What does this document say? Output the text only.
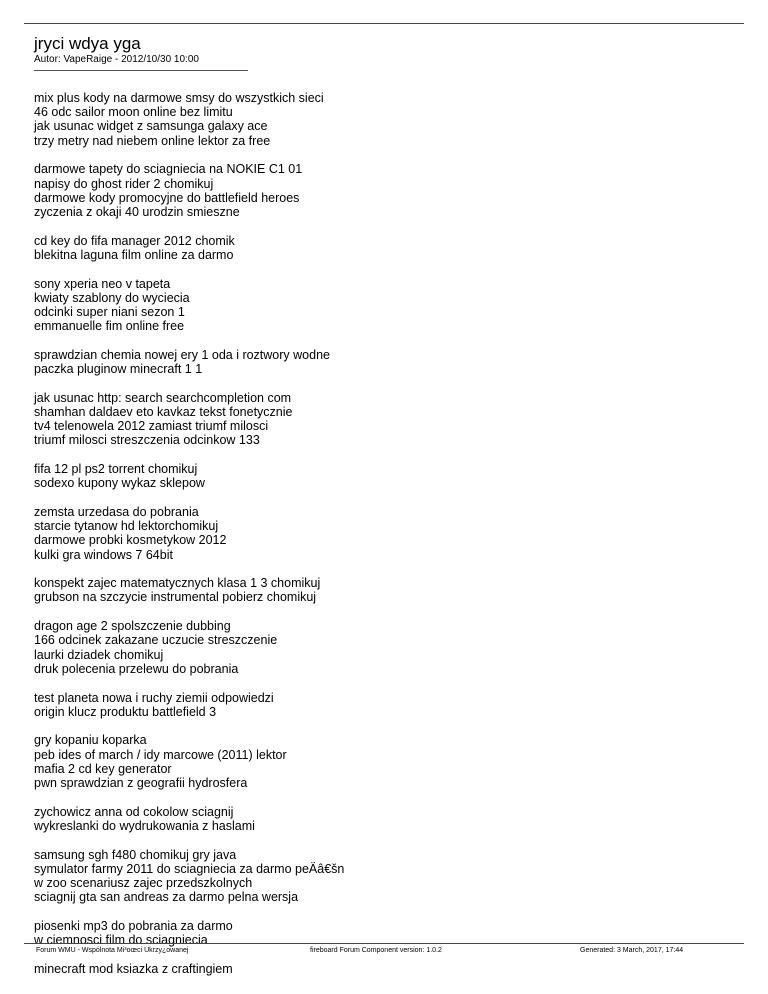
jryci wdya yga
Autor: VapeRaige - 2012/10/30 10:00
mix plus kody na darmowe smsy do wszystkich sieci
46 odc sailor moon online bez limitu
jak usunac widget z samsunga galaxy ace
trzy metry nad niebem online lektor za free
darmowe tapety do sciagniecia na NOKIE C1 01
napisy do ghost rider 2 chomikuj
darmowe kody promocyjne do battlefield heroes
zyczenia z okaji 40 urodzin smieszne
cd key do fifa manager 2012 chomik
blekitna laguna film online za darmo
sony xperia neo v tapeta
kwiaty szablony do wyciecia
odcinki super niani sezon 1
emmanuelle fim online free
sprawdzian chemia nowej ery 1 oda i roztwory wodne
paczka pluginow minecraft 1 1
jak usunac http: search searchcompletion com
shamhan daldaev eto kavkaz tekst fonetycznie
tv4 telenowela 2012 zamiast triumf milosci
triumf milosci streszczenia odcinkow 133
fifa 12 pl ps2 torrent chomikuj
sodexo kupony wykaz sklepow
zemsta urzedasa do pobrania
starcie tytanow hd lektorchomikuj
darmowe probki kosmetykow 2012
kulki gra windows 7 64bit
konspekt zajec matematycznych klasa 1 3 chomikuj
grubson na szczycie instrumental pobierz chomikuj
dragon age 2 spolszczenie dubbing
166 odcinek zakazane uczucie streszczenie
laurki dziadek chomikuj
druk polecenia przelewu do pobrania
test planeta nowa i ruchy ziemii odpowiedzi
origin klucz produktu battlefield 3
gry kopaniu koparka
peb ides of march / idy marcowe (2011) lektor
mafia 2 cd key generator
pwn sprawdzian z geografii hydrosfera
zychowicz anna od cokolow sciagnij
wykreslanki do wydrukowania z haslami
samsung sgh f480 chomikuj gry java
symulator farmy 2011 do sciagniecia za darmo peÄâ€šn
w zoo scenariusz zajec przedszkolnych
sciagnij gta san andreas za darmo pelna wersja
piosenki mp3 do pobrania za darmo
w ciemnosci film do sciagniecia
minecraft mod ksiazka z craftingiem
Forum WMU - Wspólnota Mi³oœci Ukrzy¿owanej	fireboard Forum Component version: 1.0.2	Generated: 3 March, 2017, 17:44
